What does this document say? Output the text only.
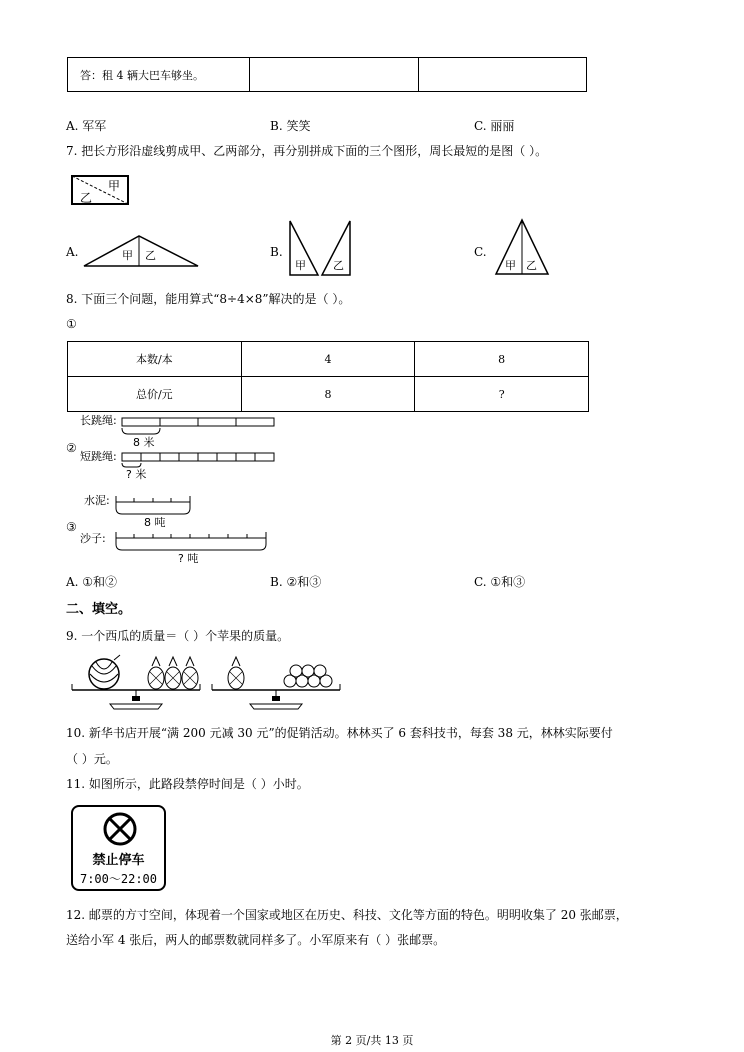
答：租 4 辆大巴车够坐。		
A. 军军	B. 笑笑	C. 丽丽
7. 把长方形沿虚线剪成甲、乙两部分，再分别拼成下面的三个图形，周长最短的是图（ ）。
甲
乙
A.	甲 乙	B.
甲 乙
C.
甲 乙
8. 下面三个问题，能用算式“8÷4×8”解决的是（ ）。
①
本数/本	4	8
总价/元	8	?
②
长跳绳:
8 米
短跳绳:
? 米
③
水泥:
8 吨
沙子:
? 吨
A. ①和②	B. ②和③	C. ①和③
二、填空。
9. 一个西瓜的质量＝（ ）个苹果的质量。
10. 新华书店开展“满 200 元减 30 元”的促销活动。林林买了 6 套科技书，每套 38 元，林林实际要付
（ ）元。
11. 如图所示，此路段禁停时间是（ ）小时。
禁止停车
7:00～22:00
12. 邮票的方寸空间，体现着一个国家或地区在历史、科技、文化等方面的特色。明明收集了 20 张邮票，
送给小军 4 张后，两人的邮票数就同样多了。小军原来有（ ）张邮票。
第 2 页/共 13 页
